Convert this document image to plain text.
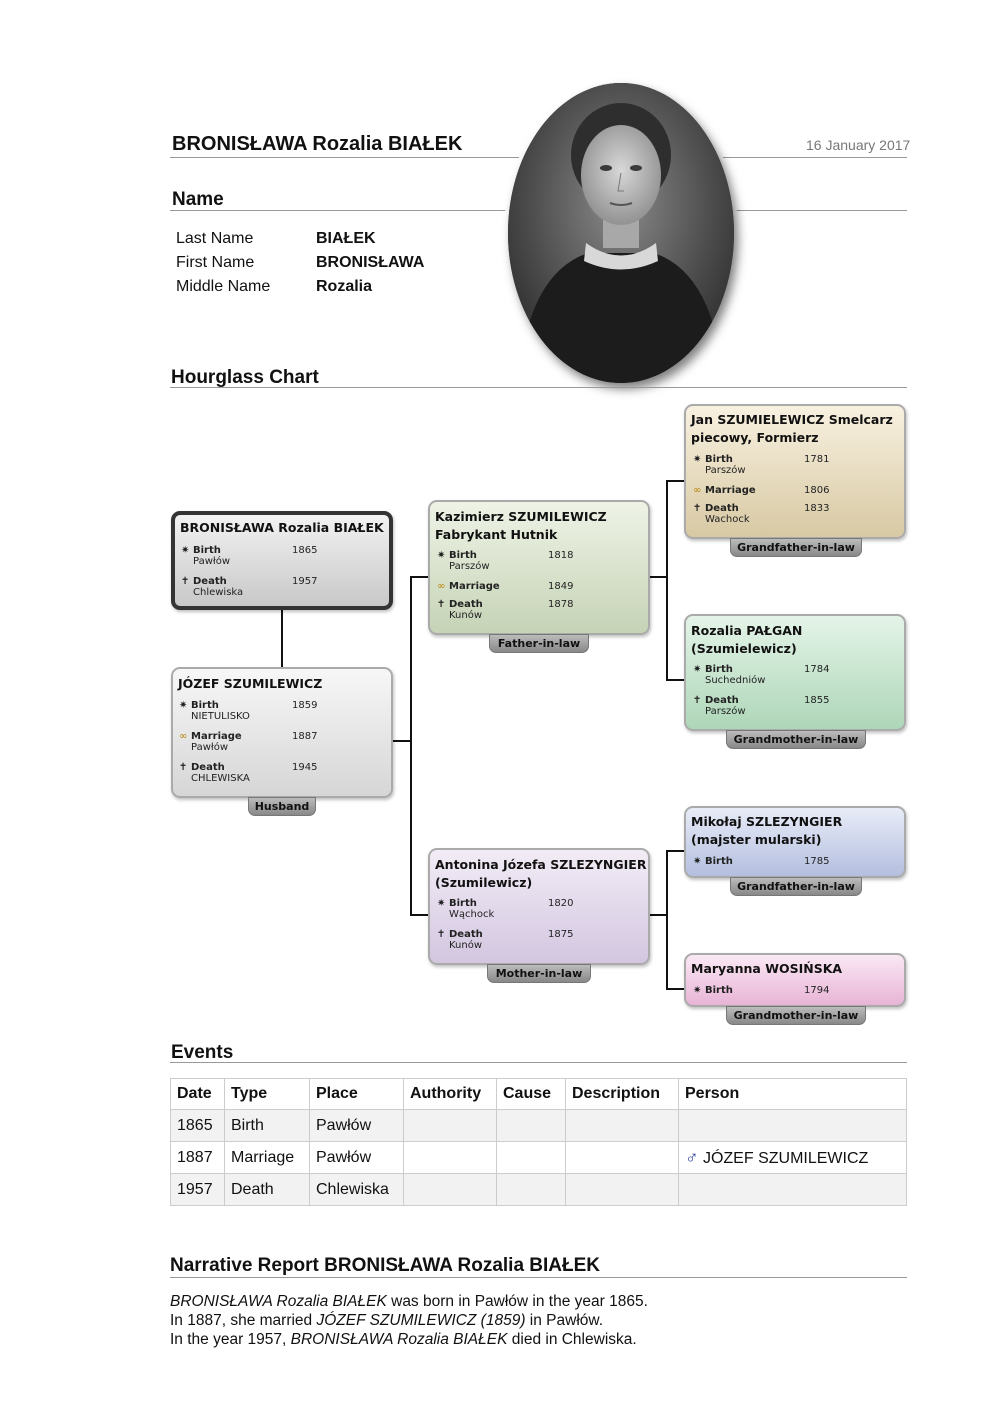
BRONISŁAWA Rozalia BIAŁEK	16 January 2017
Name
Last Name	BIAŁEK
First Name	BRONISŁAWA
Middle Name	Rozalia
Hourglass Chart
BRONISŁAWA Rozalia BIAŁEK
✷ Birth
Pawłów
1865
✝ Death
Chlewiska
1957
JÓZEF SZUMILEWICZ
✷ Birth
NIETULISKO
1859
∞ Marriage
Pawłów
1887
✝ Death
CHLEWISKA
1945
Husband
Kazimierz SZUMILEWICZ Fabrykant Hutnik
✷ Birth
Parszów
1818
∞ Marriage	1849
✝ Death
Kunów
1878
Father-in-law
Antonina Józefa SZLEZYNGIER (Szumilewicz)
✷ Birth
Wąchock
1820
✝ Death
Kunów
1875
Mother-in-law
Jan SZUMIELEWICZ Smelcarz piecowy, Formierz
✷ Birth
Parszów
1781
∞ Marriage	1806
✝ Death
Wachock
1833
Grandfather-in-law
Rozalia PAŁGAN (Szumielewicz)
✷ Birth
Suchedniów
1784
✝ Death
Parszów
1855
Grandmother-in-law
Mikołaj SZLEZYNGIER (majster mularski)
✷ Birth	1785
Grandfather-in-law
Maryanna WOSIŃSKA
✷ Birth	1794
Grandmother-in-law
Events
Date	Type	Place	Authority	Cause	Description	Person
1865	Birth	Pawłów				
1887	Marriage	Pawłów				♂ JÓZEF SZUMILEWICZ
1957	Death	Chlewiska				
Narrative Report BRONISŁAWA Rozalia BIAŁEK
BRONISŁAWA Rozalia BIAŁEK was born in Pawłów in the year 1865.
In 1887, she married JÓZEF SZUMILEWICZ (1859) in Pawłów.
In the year 1957, BRONISŁAWA Rozalia BIAŁEK died in Chlewiska.
